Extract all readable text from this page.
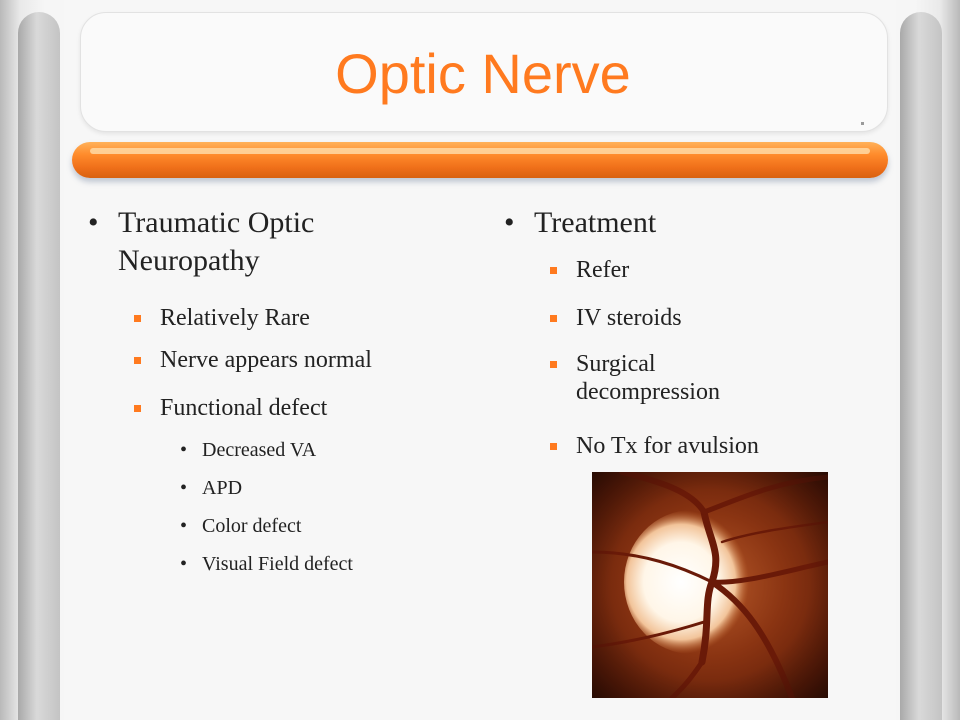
Optic Nerve
• Traumatic Optic Neuropathy
Relatively Rare
Nerve appears normal
Functional defect
• Decreased VA
• APD
• Color defect
• Visual Field defect
• Treatment
Refer
IV steroids
Surgical decompression
No Tx for avulsion
